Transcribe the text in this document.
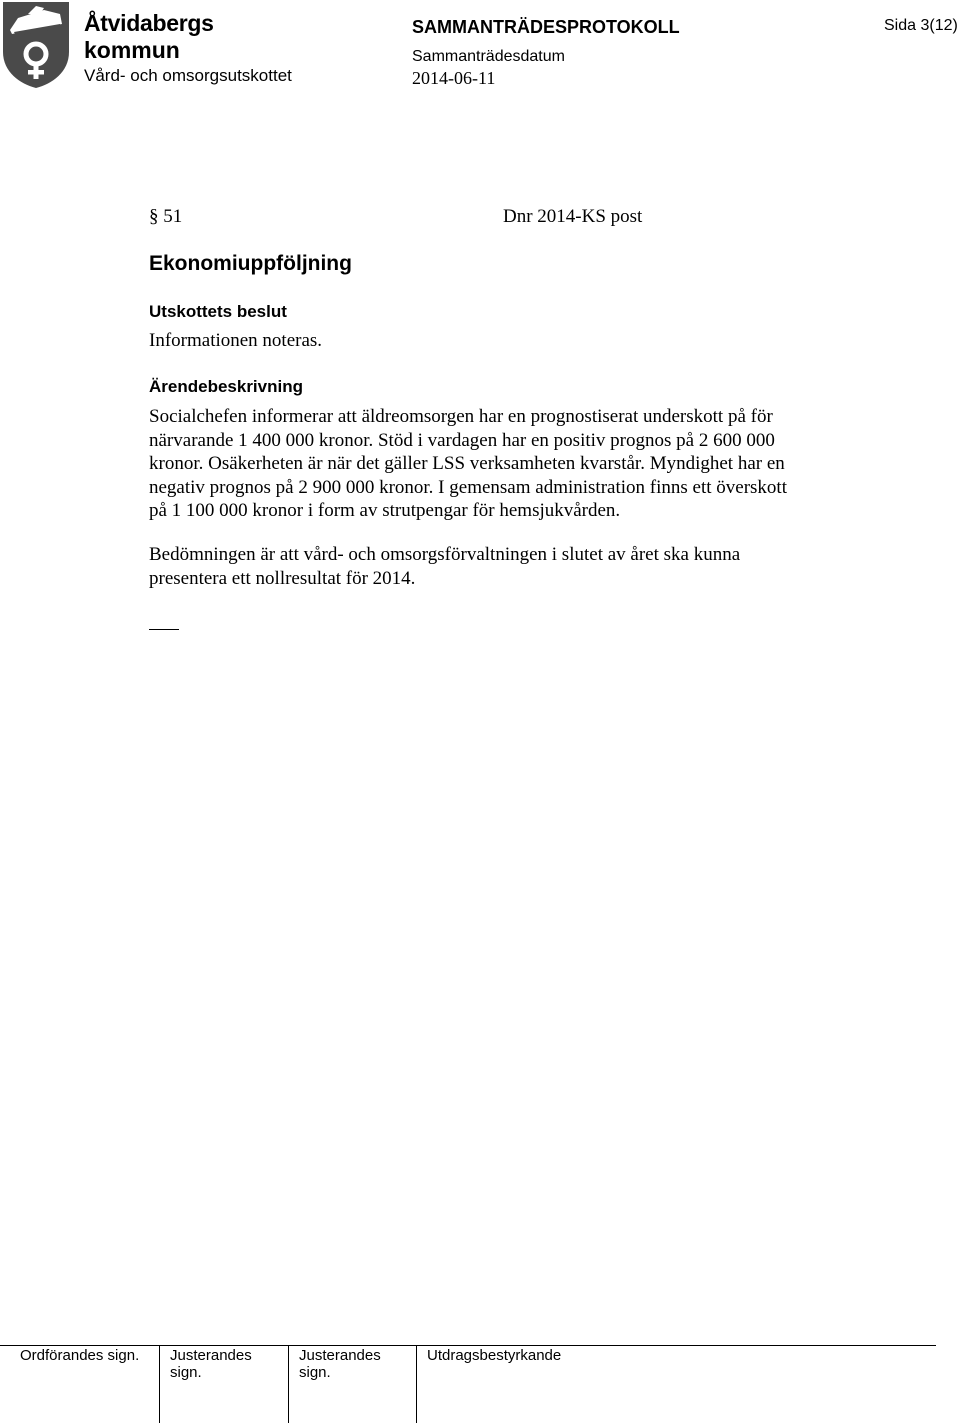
Åtvidabergs
kommun
Vård- och omsorgsutskottet
SAMMANTRÄDESPROTOKOLL
Sammanträdesdatum
2014-06-11
Sida 3(12)
§ 51	Dnr 2014-KS post
Ekonomiuppföljning
Utskottets beslut
Informationen noteras.
Ärendebeskrivning
Socialchefen informerar att äldreomsorgen har en prognostiserat underskott på för
närvarande 1 400 000 kronor. Stöd i vardagen har en positiv prognos på 2 600 000
kronor. Osäkerheten är när det gäller LSS verksamheten kvarstår. Myndighet har en
negativ prognos på 2 900 000 kronor. I gemensam administration finns ett överskott
på 1 100 000 kronor i form av strutpengar för hemsjukvården.
Bedömningen är att vård- och omsorgsförvaltningen i slutet av året ska kunna
presentera ett nollresultat för 2014.
Ordförandes sign. Justerandes
sign.
Justerandes
sign.
Utdragsbestyrkande
